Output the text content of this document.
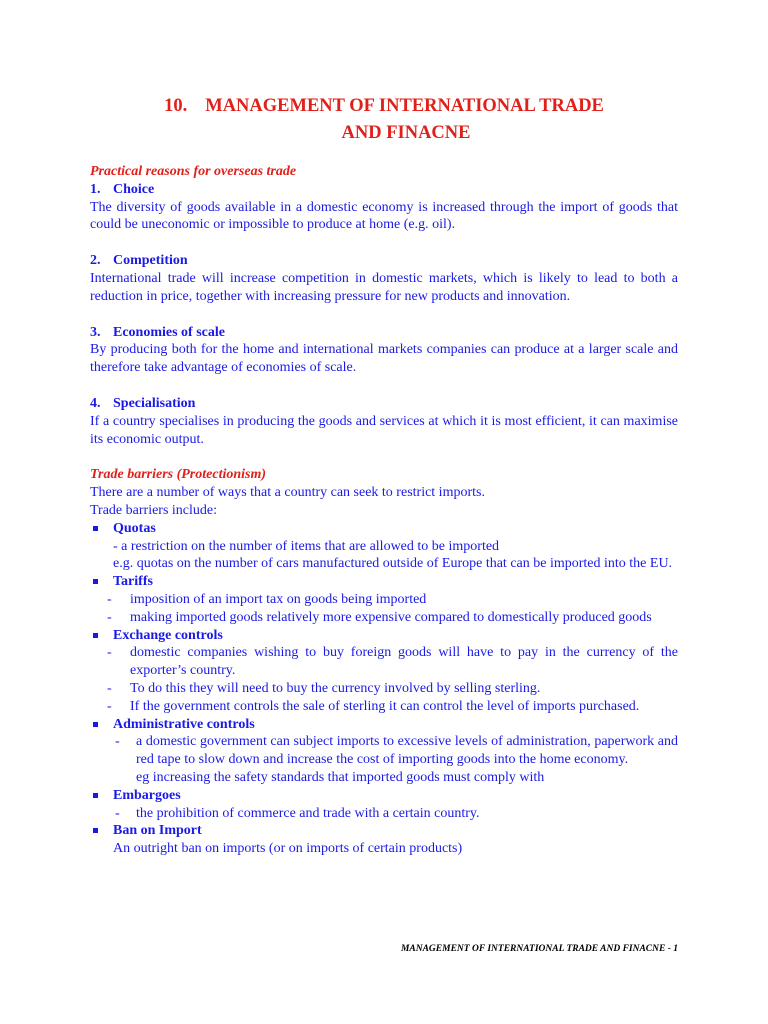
10. MANAGEMENT OF INTERNATIONAL TRADE
AND FINACNE
Practical reasons for overseas trade
1. Choice
The diversity of goods available in a domestic economy is increased through the import of goods that could be uneconomic or impossible to produce at home (e.g. oil).
2. Competition
International trade will increase competition in domestic markets, which is likely to lead to both a reduction in price, together with increasing pressure for new products and innovation.
3. Economies of scale
By producing both for the home and international markets companies can produce at a larger scale and therefore take advantage of economies of scale.
4. Specialisation
If a country specialises in producing the goods and services at which it is most efficient, it can maximise its economic output.
Trade barriers (Protectionism)
There are a number of ways that a country can seek to restrict imports.
Trade barriers include:
Quotas
- a restriction on the number of items that are allowed to be imported
e.g. quotas on the number of cars manufactured outside of Europe that can be imported into the EU.
Tariffs
- imposition of an import tax on goods being imported
- making imported goods relatively more expensive compared to domestically produced goods
Exchange controls
- domestic companies wishing to buy foreign goods will have to pay in the currency of the exporter’s country.
- To do this they will need to buy the currency involved by selling sterling.
- If the government controls the sale of sterling it can control the level of imports purchased.
Administrative controls
- a domestic government can subject imports to excessive levels of administration, paperwork and red tape to slow down and increase the cost of importing goods into the home economy.
eg increasing the safety standards that imported goods must comply with
Embargoes
- the prohibition of commerce and trade with a certain country.
Ban on Import
An outright ban on imports (or on imports of certain products)
MANAGEMENT OF INTERNATIONAL TRADE AND FINACNE - 1
